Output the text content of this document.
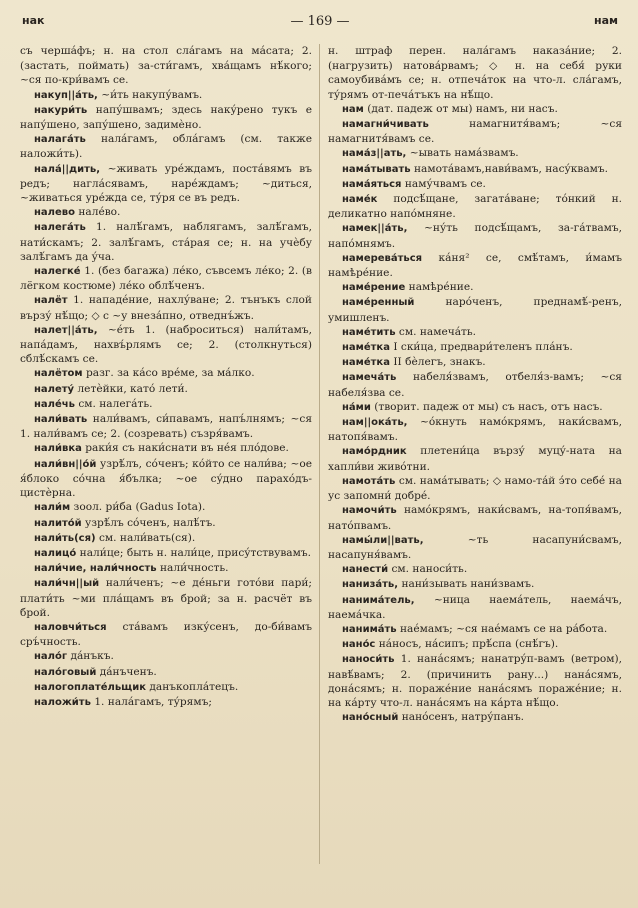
нак	— 169 —	нам
съ черша́фъ; н. на стол сла́гамъ на ма́сата; 2. (застать, поймать) за-сти́гамъ, хва́щамъ нѣ́кого; ~ся по-кри́вамъ се.
накуп||а́ть, ~и́ть накупу́вамъ.
накури́ть напу́швамъ; здесь наку́рено тукъ е напу́шено, запу́шено, задимѐно.
налага́ть нала́гамъ, обла́гамъ (см. также наложи́ть).
нала́||дить, ~живать уре́ждамъ, поста́вямъ въ редъ; нагла́сявамъ, наре́ждамъ; ~диться, ~живаться уре́жда се, ту́ря се въ редъ.
налево нале́во.
налега́ть 1. налѣ́гамъ, наблягамъ, залѣ́гамъ, нати́скамъ; 2. залѣ́гамъ, ста́рая се; н. на учѐбу залѣ́гамъ да у́ча.
налегке́ 1. (без багажа) ле́ко, съвсемъ ле́ко; 2. (в лёгком костюме) ле́ко облѣ́ченъ.
налёт 1. нападе́ние, нахлу́ване; 2. тънъкъ слой вързу́ нѣ́що; ◇ с ~у внеза́пно, отведнъ́жъ.
налет||а́ть, ~е́ть 1. (наброситься) нали́тамъ, напа́дамъ, нахвъ́рлямъ се; 2. (столкнуться) сблѣ́скамъ се.
налётом разг. за ка́со вре́ме, за ма́лко.
налету́ летѐйки, като́ лети́.
нале́чь см. налега́ть.
нали́вать нали́вамъ, си́павамъ, напъ́лнямъ; ~ся 1. нали́вамъ се; 2. (созревать) съзря́вамъ.
нали́вка раки́я съ наки́снати въ не́я пло́дове.
нали́вн||о́й узрѣ́лъ, со́ченъ; ко́йто се нали́ва; ~ое я́блоко со́чна я́бълка; ~ое су́дно парахо́дъ-цистѐрна.
нали́м зоол. ри́ба (Gadus Iota).
налито́й узрѣ́лъ со́ченъ, налѣ́тъ.
нали́ть(ся) см. нали́вать(ся).
налицо́ нали́це; быть н. нали́це, прису́тствувамъ.
нали́чие, нали́чность нали́чность.
нали́чн||ый нали́ченъ; ~е де́ньги гото́ви пари́; плати́ть ~ми пла́щамъ въ брой; за н. расчёт въ брой.
наловчи́ться ста́вамъ изку́сенъ, до-би́вамъ сръ́чность.
нало́г да́нъкъ.
нало́говый да́нъченъ.
налогоплате́льщик данъкопла́тецъ.
наложи́ть 1. нала́гамъ, ту́рямъ;
н. штраф перен. нала́гамъ наказа́ние; 2. (нагрузить) натова́рвамъ; ◇ н. на себя́ руки самоубива́мъ се; н. отпеча́ток на что-л. сла́гамъ, ту́рямъ от-печа́тъкъ на нѣ́що.
нам (дат. падеж от мы) намъ, ни насъ.
намагни́чивать	намагнитя́вамъ; ~ся намагнитя́вамъ се.
нама́з||ать, ~ывать нама́звамъ.
нама́тывать намота́вамъ,нави́вамъ, насу́квамъ.
нама́яться наму́чвамъ се.
наме́к подсѣ́щане, загата́ване; то́нкий н. деликатно напо́мняне.
намек||а́ть, ~ну́ть подсѣ́щамъ, за-га́твамъ, напо́мнямъ.
намерева́ться ка́ня² се, смѣ́тамъ, и́мамъ намѣре́ние.
наме́рение намѣре́ние.
наме́ренный	наро́ченъ, преднамѣ́-ренъ, умишленъ.
наме́тить см. намеча́ть.
наме́тка I ски́ца, предвари́теленъ пла́нъ.
наме́тка II бѐлегъ, знакъ.
намеча́ть набеля́звамъ, отбеля́з-вамъ; ~ся набеля́зва се.
на́ми (творит. падеж от мы) съ насъ, отъ насъ.
нам||ока́ть, ~о́кнуть намо́крямъ, наки́свамъ, натопя́вамъ.
намо́рдник плетени́ца вързу́ муцу́-ната на хапли́ви живо́тни.
намота́ть см. нама́тывать; ◇ намо-та́й э́то себе́ на ус запомни́ добре́.
намочи́ть намо́крямъ, наки́свамъ, на-топя́вамъ, нато́пвамъ.
намы́ли||вать,	~ть насапуни́свамъ, насапуня́вамъ.
нанести́ см. наноси́ть.
наниза́ть, нани́зывать нани́звамъ.
нанима́тель, ~ница наема́тель, наема́чъ, наема́чка.
нанима́ть нае́мамъ; ~ся нае́мамъ се на ра́бота.
нано́с на́носъ, на́сипъ; прѣ́спа (снѣ́гъ).
наноси́ть 1. нана́сямъ; нанатру́п-вамъ (ветром), навѣ́вамъ; 2. (причинить рану...) нана́сямъ, дона́сямъ; н. пораже́ние нана́сямъ пораже́ние; н. на ка́рту что-л. нана́сямъ на ка́рта нѣ́що.
нано́сный нано́сенъ, натру́панъ.
